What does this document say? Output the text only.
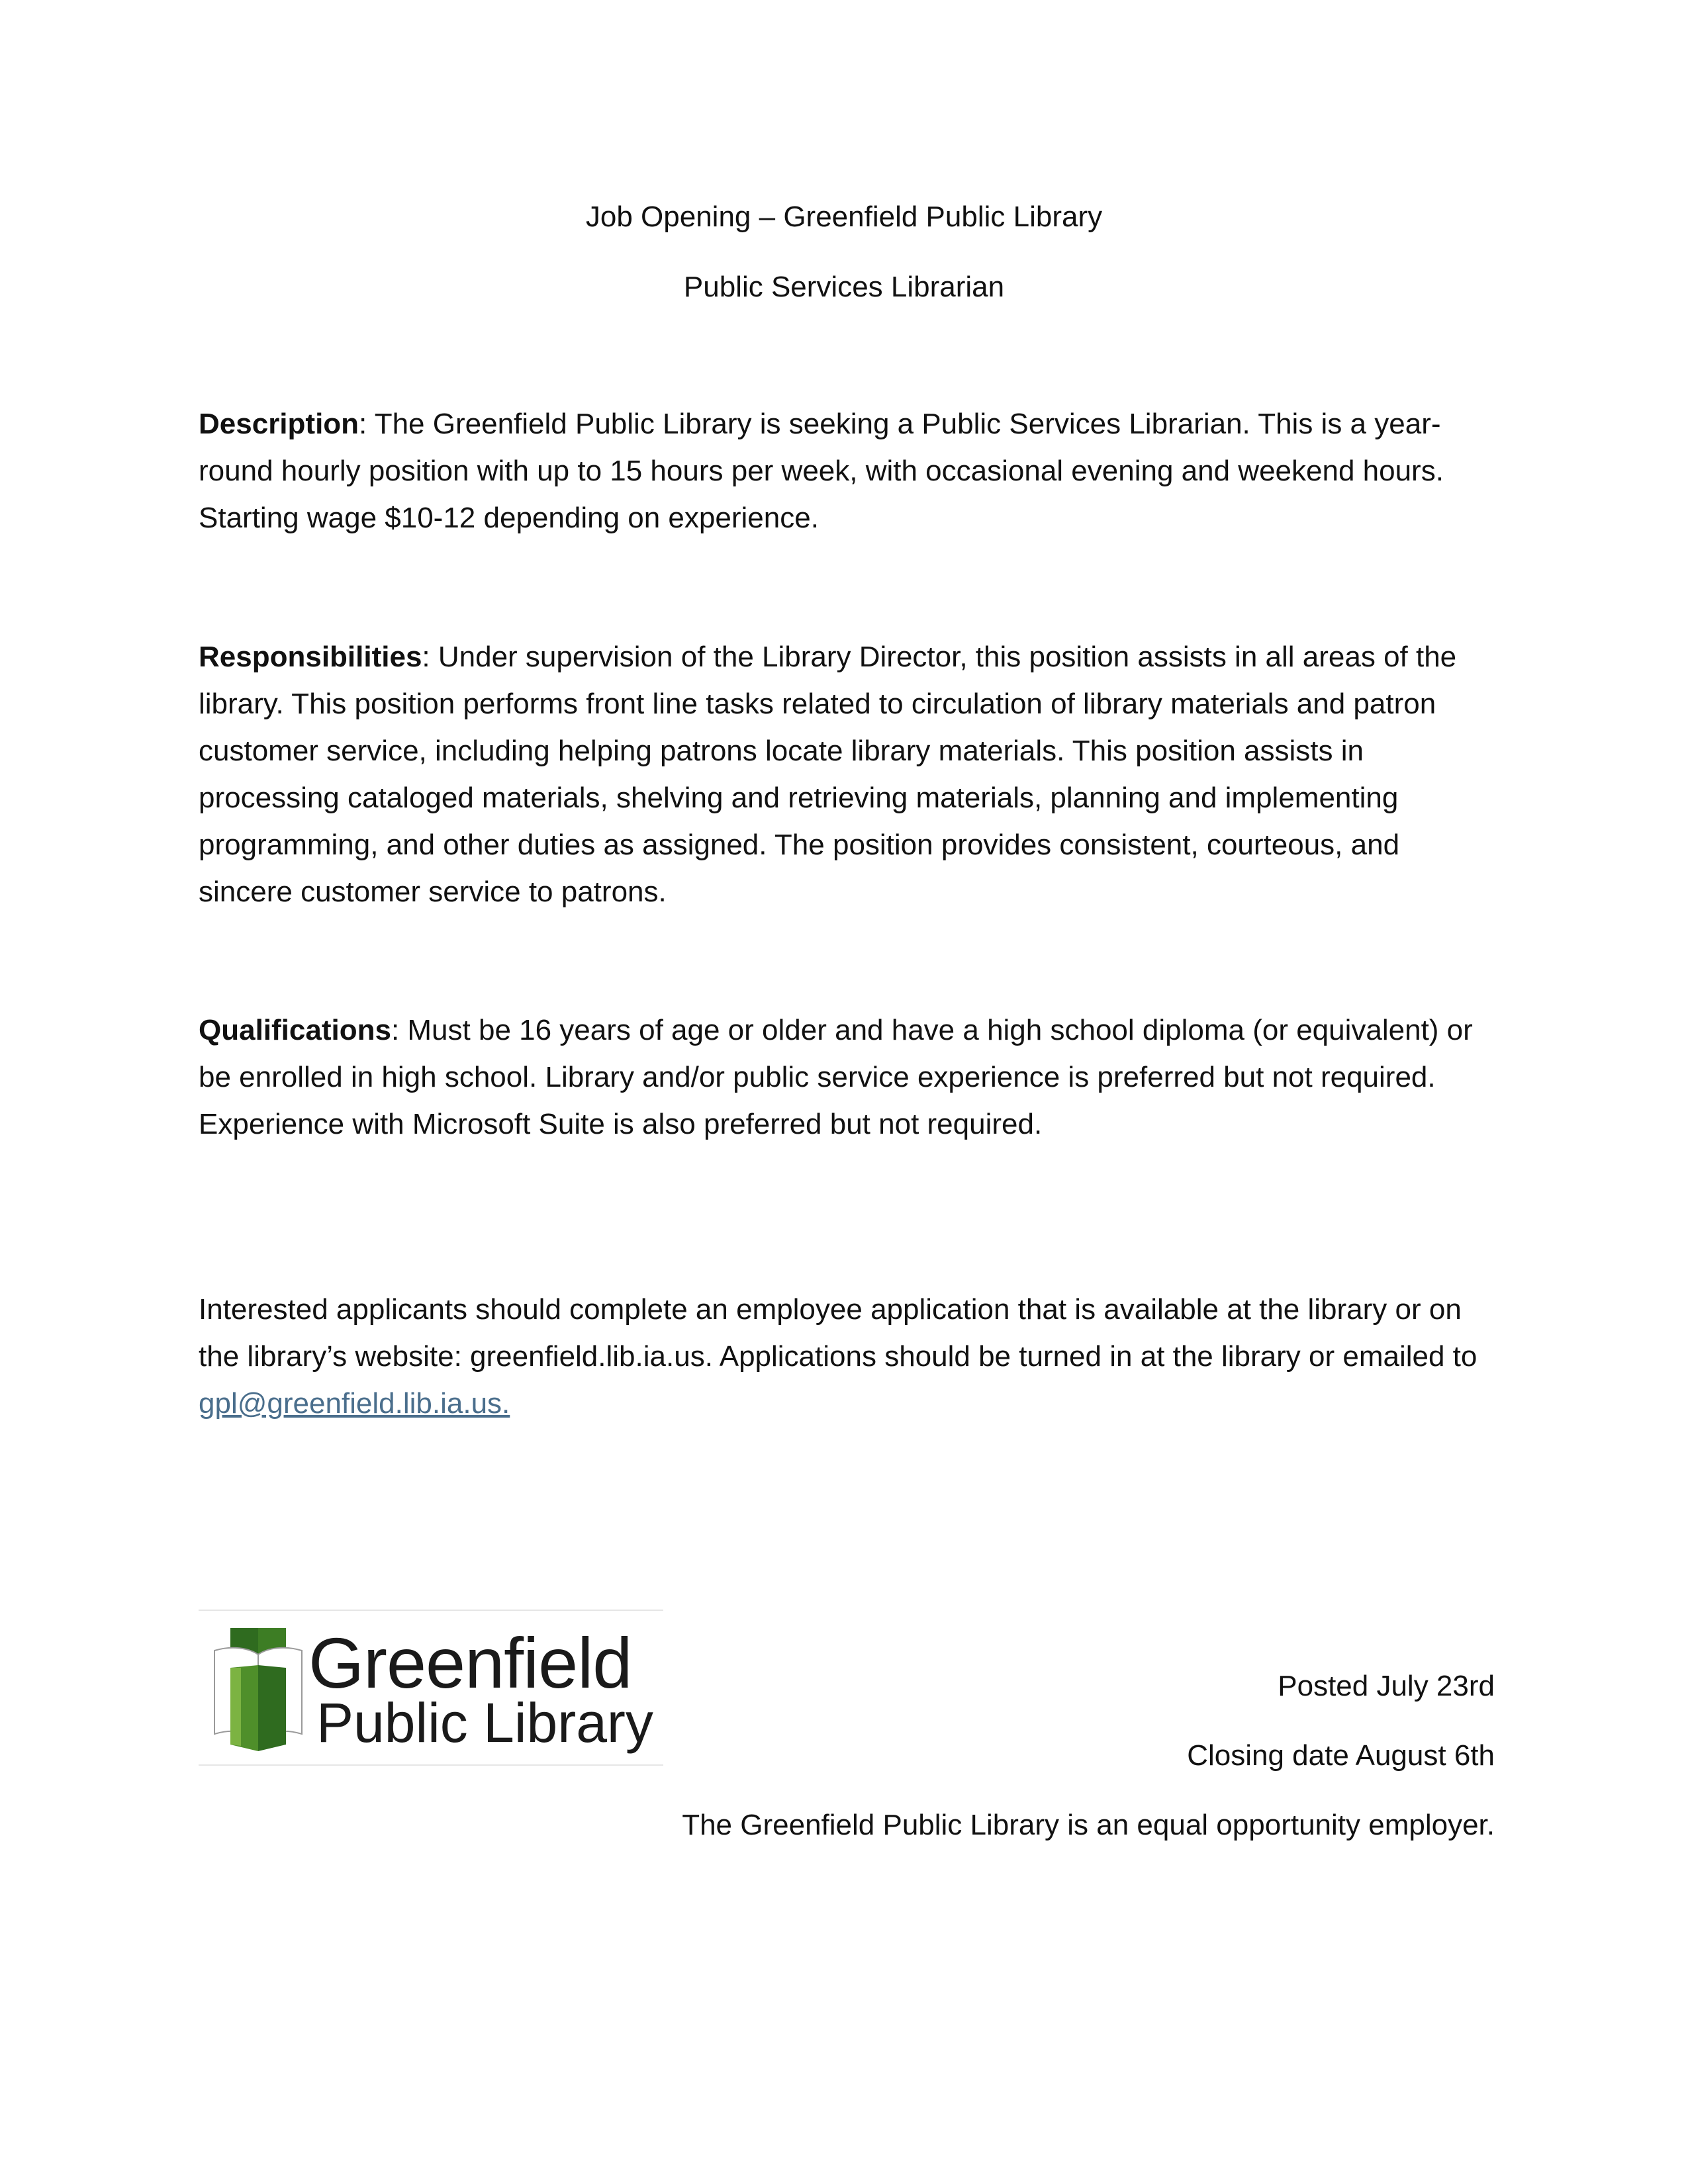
Job Opening – Greenfield Public Library
Public Services Librarian

Description: The Greenfield Public Library is seeking a Public Services Librarian. This is a year-round hourly position with up to 15 hours per week, with occasional evening and weekend hours. Starting wage $10-12 depending on experience.

Responsibilities: Under supervision of the Library Director, this position assists in all areas of the library. This position performs front line tasks related to circulation of library materials and patron customer service, including helping patrons locate library materials. This position assists in processing cataloged materials, shelving and retrieving materials, planning and implementing programming, and other duties as assigned. The position provides consistent, courteous, and sincere customer service to patrons.

Qualifications: Must be 16 years of age or older and have a high school diploma (or equivalent) or be enrolled in high school. Library and/or public service experience is preferred but not required. Experience with Microsoft Suite is also preferred but not required.

Interested applicants should complete an employee application that is available at the library or on the library’s website: greenfield.lib.ia.us. Applications should be turned in at the library or emailed to gpl@greenfield.lib.ia.us.

Greenfield
Public Library
Posted July 23rd
Closing date August 6th
The Greenfield Public Library is an equal opportunity employer.
